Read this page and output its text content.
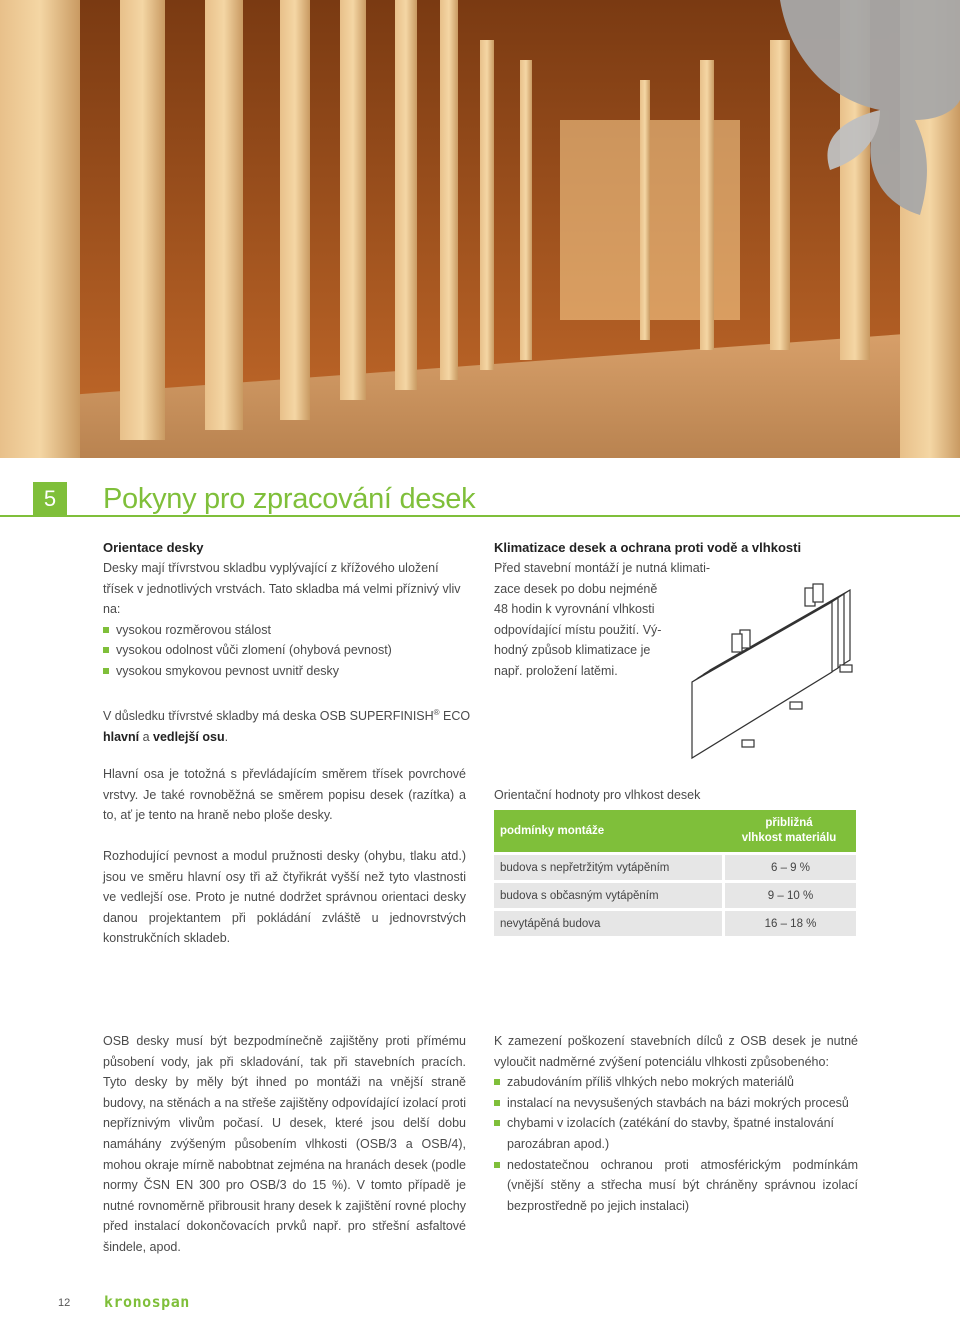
5	Pokyny pro zpracování desek
Orientace desky

Desky mají třívrstvou skladbu vyplývající z křížového uložení třísek v jednotlivých vrstvách. Tato skladba má velmi příznivý vliv na:

vysokou rozměrovou stálost
vysokou odolnost vůči zlomení (ohybová pevnost)
vysokou smykovou pevnost uvnitř desky

V důsledku třívrstvé skladby má deska OSB SUPERFINISH® ECO
hlavní a vedlejší osu.

Hlavní osa je totožná s převládajícím směrem třísek povrchové vrstvy. Je také rovnoběžná se směrem popisu desek (razítka) a to, ať je tento na hraně nebo ploše desky.

Rozhodující pevnost a modul pružnosti desky (ohybu, tlaku atd.) jsou ve směru hlavní osy tři až čtyřikrát vyšší než tyto vlastnosti ve vedlejší ose. Proto je nutné dodržet správnou orientaci desky danou projektantem při pokládání zvláště u jednovrstvých konstrukčních skladeb.

Klimatizace desek a ochrana proti vodě a vlhkosti

Před stavební montáží je nutná klimati-

zace desek po dobu nejméně

48 hodin k vyrovnání vlhkosti

odpovídající místu použití. Vý-

hodný způsob klimatizace je

např. proložení latěmi.

Orientační hodnoty pro vlhkost desek

podmínky montáže	přibližná
vlhkost materiálu
budova s nepřetržitým vytápěním	6 – 9 %
budova s občasným vytápěním	9 – 10 %
nevytápěná budova	16 – 18 %

OSB desky musí být bezpodmínečně zajištěny proti přímému působení vody, jak při skladování, tak při stavebních pracích. Tyto desky by měly být ihned po montáži na vnější straně budovy, na stěnách a na střeše zajištěny odpovídající izolací proti nepříznivým vlivům počasí. U desek, které jsou delší dobu namáhány zvýšeným působením vlhkosti (OSB/3 a OSB/4), mohou okraje mírně nabobtnat zejména na hranách desek (podle normy ČSN EN 300 pro OSB/3 do 15 %). V tomto případě je nutné rovnoměrně přibrousit hrany desek k zajištění rovné plochy před instalací dokončovacích prvků např. pro střešní asfaltové šindele, apod.

K zamezení poškození stavebních dílců z OSB desek je nutné vyloučit nadměrné zvýšení potenciálu vlhkosti způsobeného:

zabudováním příliš vlhkých nebo mokrých materiálů
instalací na nevysušených stavbách na bázi mokrých procesů
chybami v izolacích (zatékání do stavby, špatné instalování parozábran apod.)
nedostatečnou ochranou proti atmosférickým podmínkám (vnější stěny a střecha musí být chráněny správnou izolací bezprostředně po jejich instalaci)
12 kronospan
